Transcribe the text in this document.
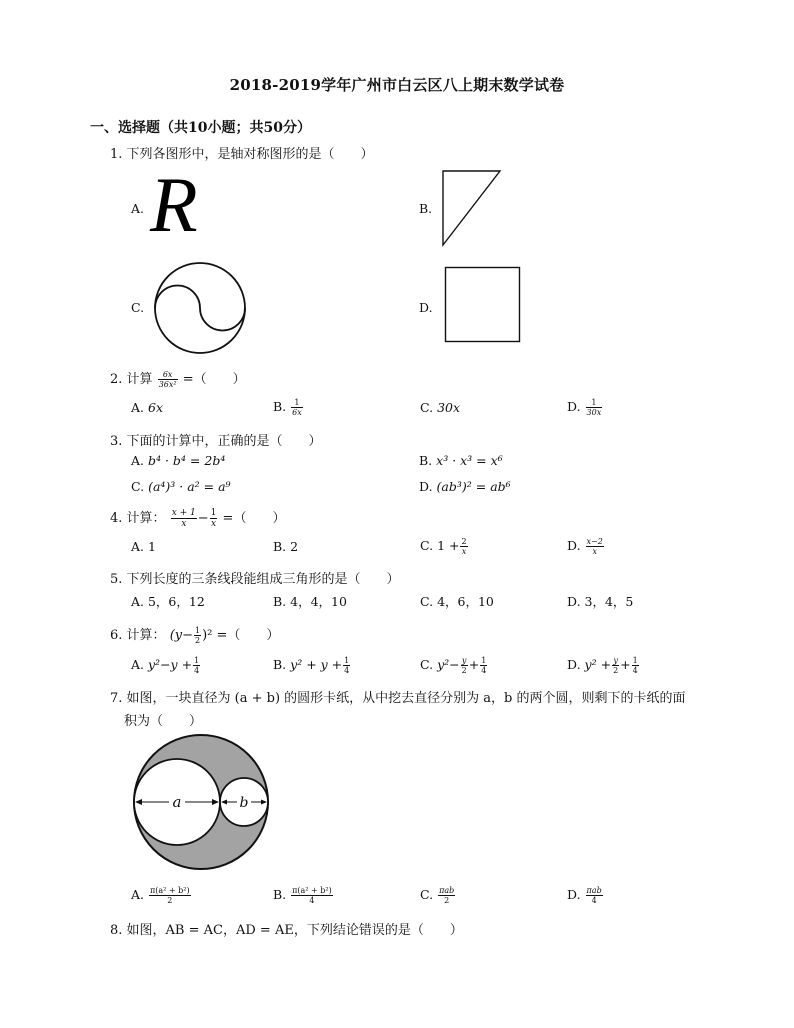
2018-2019学年广州市白云区八上期末数学试卷
一、选择题（共10小题；共50分）
1. 下列各图形中，是轴对称图形的是（　　）
A. R	B.
C.	D.
2. 计算 $\frac{6x}{\text{36x²}}$ =（　　）
A. 6x	B. $\frac{1}{6x}$	C. 30x	D. $\frac{1}{30x}$
3. 下面的计算中，正确的是（　　）
A. b⁴ · b⁴ = 2b⁴	B. x³ · x³ = x⁶
C. (a⁴)³ · a² = a⁹	D. (ab³)² = ab⁶
4. 计算： $\frac{x + 1}{x} - \frac{1}{x}$ =（　　）
A. 1	B. 2	C. $1 + \frac{2}{x}$	D. $\frac{x-2}{x}$
5. 下列长度的三条线段能组成三角形的是（　　）
A. 5，6，12	B. 4，4，10	C. 4，6，10	D. 3，4，5
6. 计算： $(y- \frac{1}{2} )^2$ =（　　）
A. $y^2-y + \frac{1}{4}$	B. $y^2 + y + \frac{1}{4}$	C. $y^2- \frac{y}{2} + \frac{1}{4}$	D. $y^2 + \frac{y}{2} + \frac{1}{4}$
7. 如图，一块直径为 (a + b) 的圆形卡纸，从中挖去直径分别为 a，b 的两个圆，则剩下的卡纸的面
积为（　　）
a	b
A. $\frac{\text{π(a² + b²)}}{2}$	B. $\frac{\text{π(a² + b²)}}{4}$	C. $\frac{\text{πab}}{2}$	D. $\frac{\text{πab}}{4}$
8. 如图，AB = AC，AD = AE，下列结论错误的是（　　）
